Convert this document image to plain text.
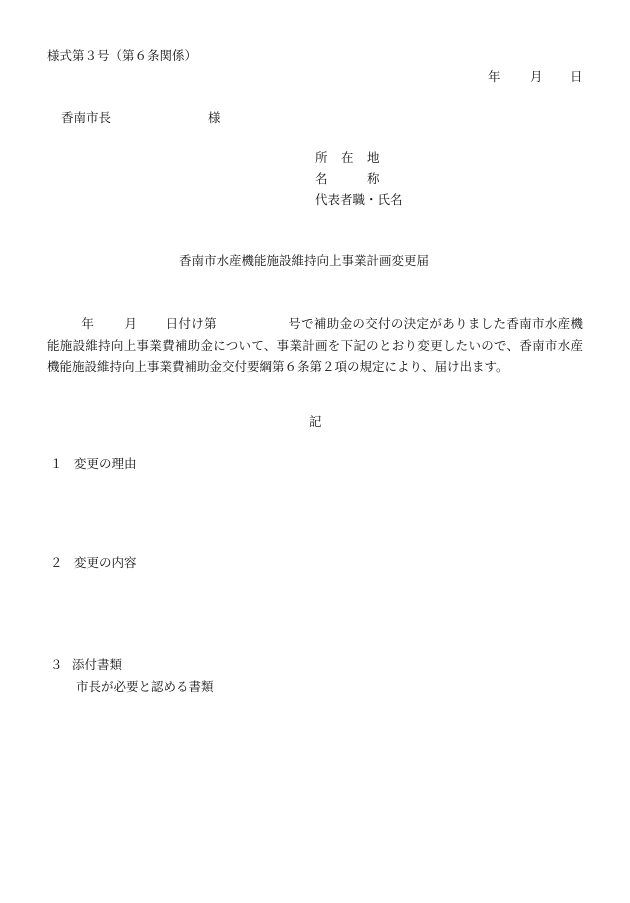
様式第３号（第６条関係）
年 月 日
香南市長	様
所　在　地
名　　　称
代表者職・氏名
香南市水産機能施設維持向上事業計画変更届
年 月 日付け第	号で補助金の交付の決定がありました香南市水産機能施設維持向上事業費補助金について、事業計画を下記のとおり変更したいので、香南市水産機能施設維持向上事業費補助金交付要綱第６条第２項の規定により、届け出ます。
記
１ 変更の理由
２ 変更の内容
３ 添付書類
市長が必要と認める書類
